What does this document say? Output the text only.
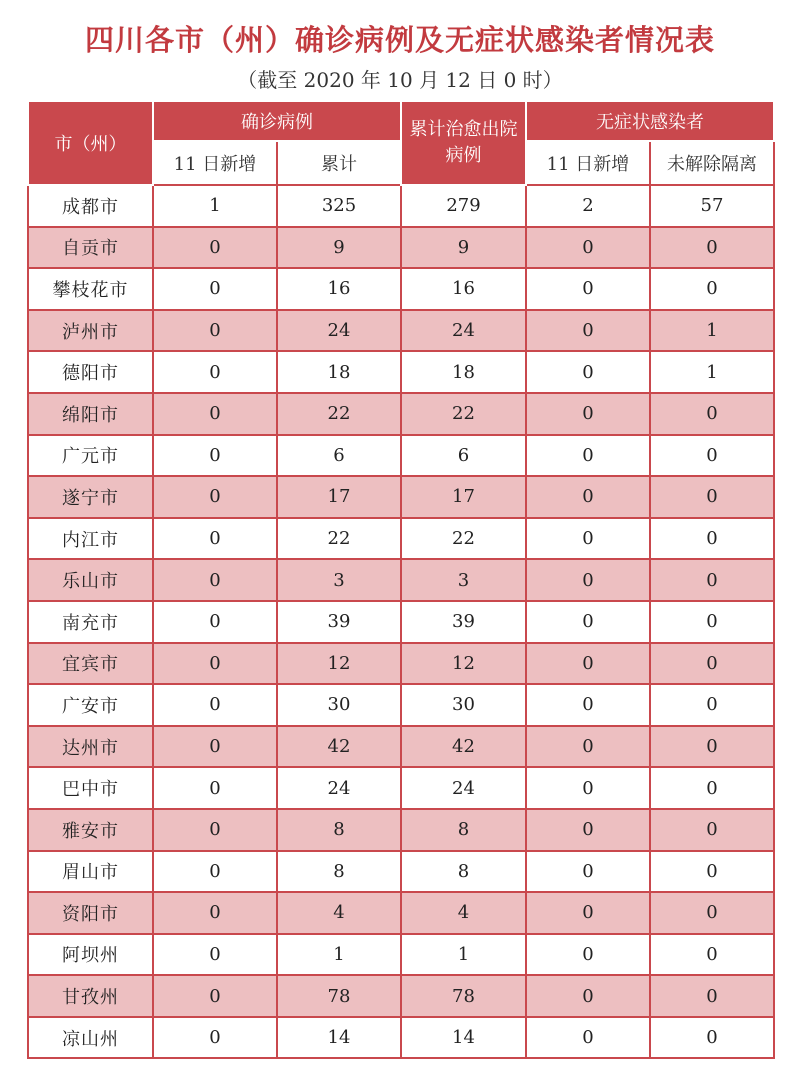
四川各市（州）确诊病例及无症状感染者情况表
（截至 2020 年 10 月 12 日 0 时）
市（州）	确诊病例		累计治愈出院病例	无症状感染者	
	11 日新增	累计		11 日新增	未解除隔离
成都市	1	325	279	2	57
自贡市	0	9	9	0	0
攀枝花市	0	16	16	0	0
泸州市	0	24	24	0	1
德阳市	0	18	18	0	1
绵阳市	0	22	22	0	0
广元市	0	6	6	0	0
遂宁市	0	17	17	0	0
内江市	0	22	22	0	0
乐山市	0	3	3	0	0
南充市	0	39	39	0	0
宜宾市	0	12	12	0	0
广安市	0	30	30	0	0
达州市	0	42	42	0	0
巴中市	0	24	24	0	0
雅安市	0	8	8	0	0
眉山市	0	8	8	0	0
资阳市	0	4	4	0	0
阿坝州	0	1	1	0	0
甘孜州	0	78	78	0	0
凉山州	0	14	14	0	0
